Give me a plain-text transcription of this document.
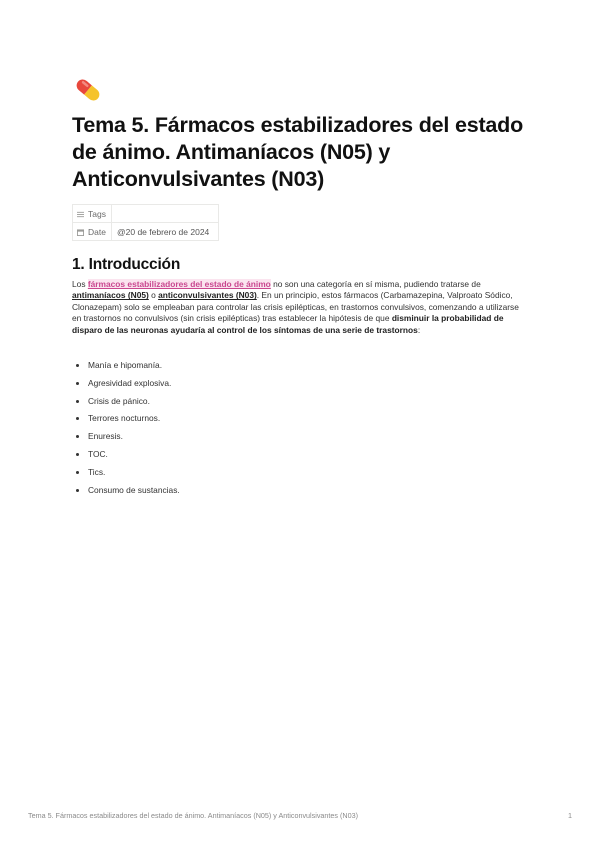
Tema 5. Fármacos estabilizadores del estado de ánimo. Antimaníacos (N05) y Anticonvulsivantes (N03)
Tags	
Date	@20 de febrero de 2024
1. Introducción

Los fármacos estabilizadores del estado de ánimo no son una categoría en sí misma, pudiendo tratarse de antimaníacos (N05) o anticonvulsivantes (N03). En un principio, estos fármacos (Carbamazepina, Valproato Sódico, Clonazepam) solo se empleaban para controlar las crisis epilépticas, en trastornos convulsivos, comenzando a utilizarse en trastornos no convulsivos (sin crisis epilépticas) tras establecer la hipótesis de que disminuir la probabilidad de disparo de las neuronas ayudaría al control de los síntomas de una serie de trastornos:

• Manía e hipomanía.
• Agresividad explosiva.
• Crisis de pánico.
• Terrores nocturnos.
• Enuresis.
• TOC.
• Tics.
• Consumo de sustancias.
Tema 5. Fármacos estabilizadores del estado de ánimo. Antimaníacos (N05) y Anticonvulsivantes (N03)	1
